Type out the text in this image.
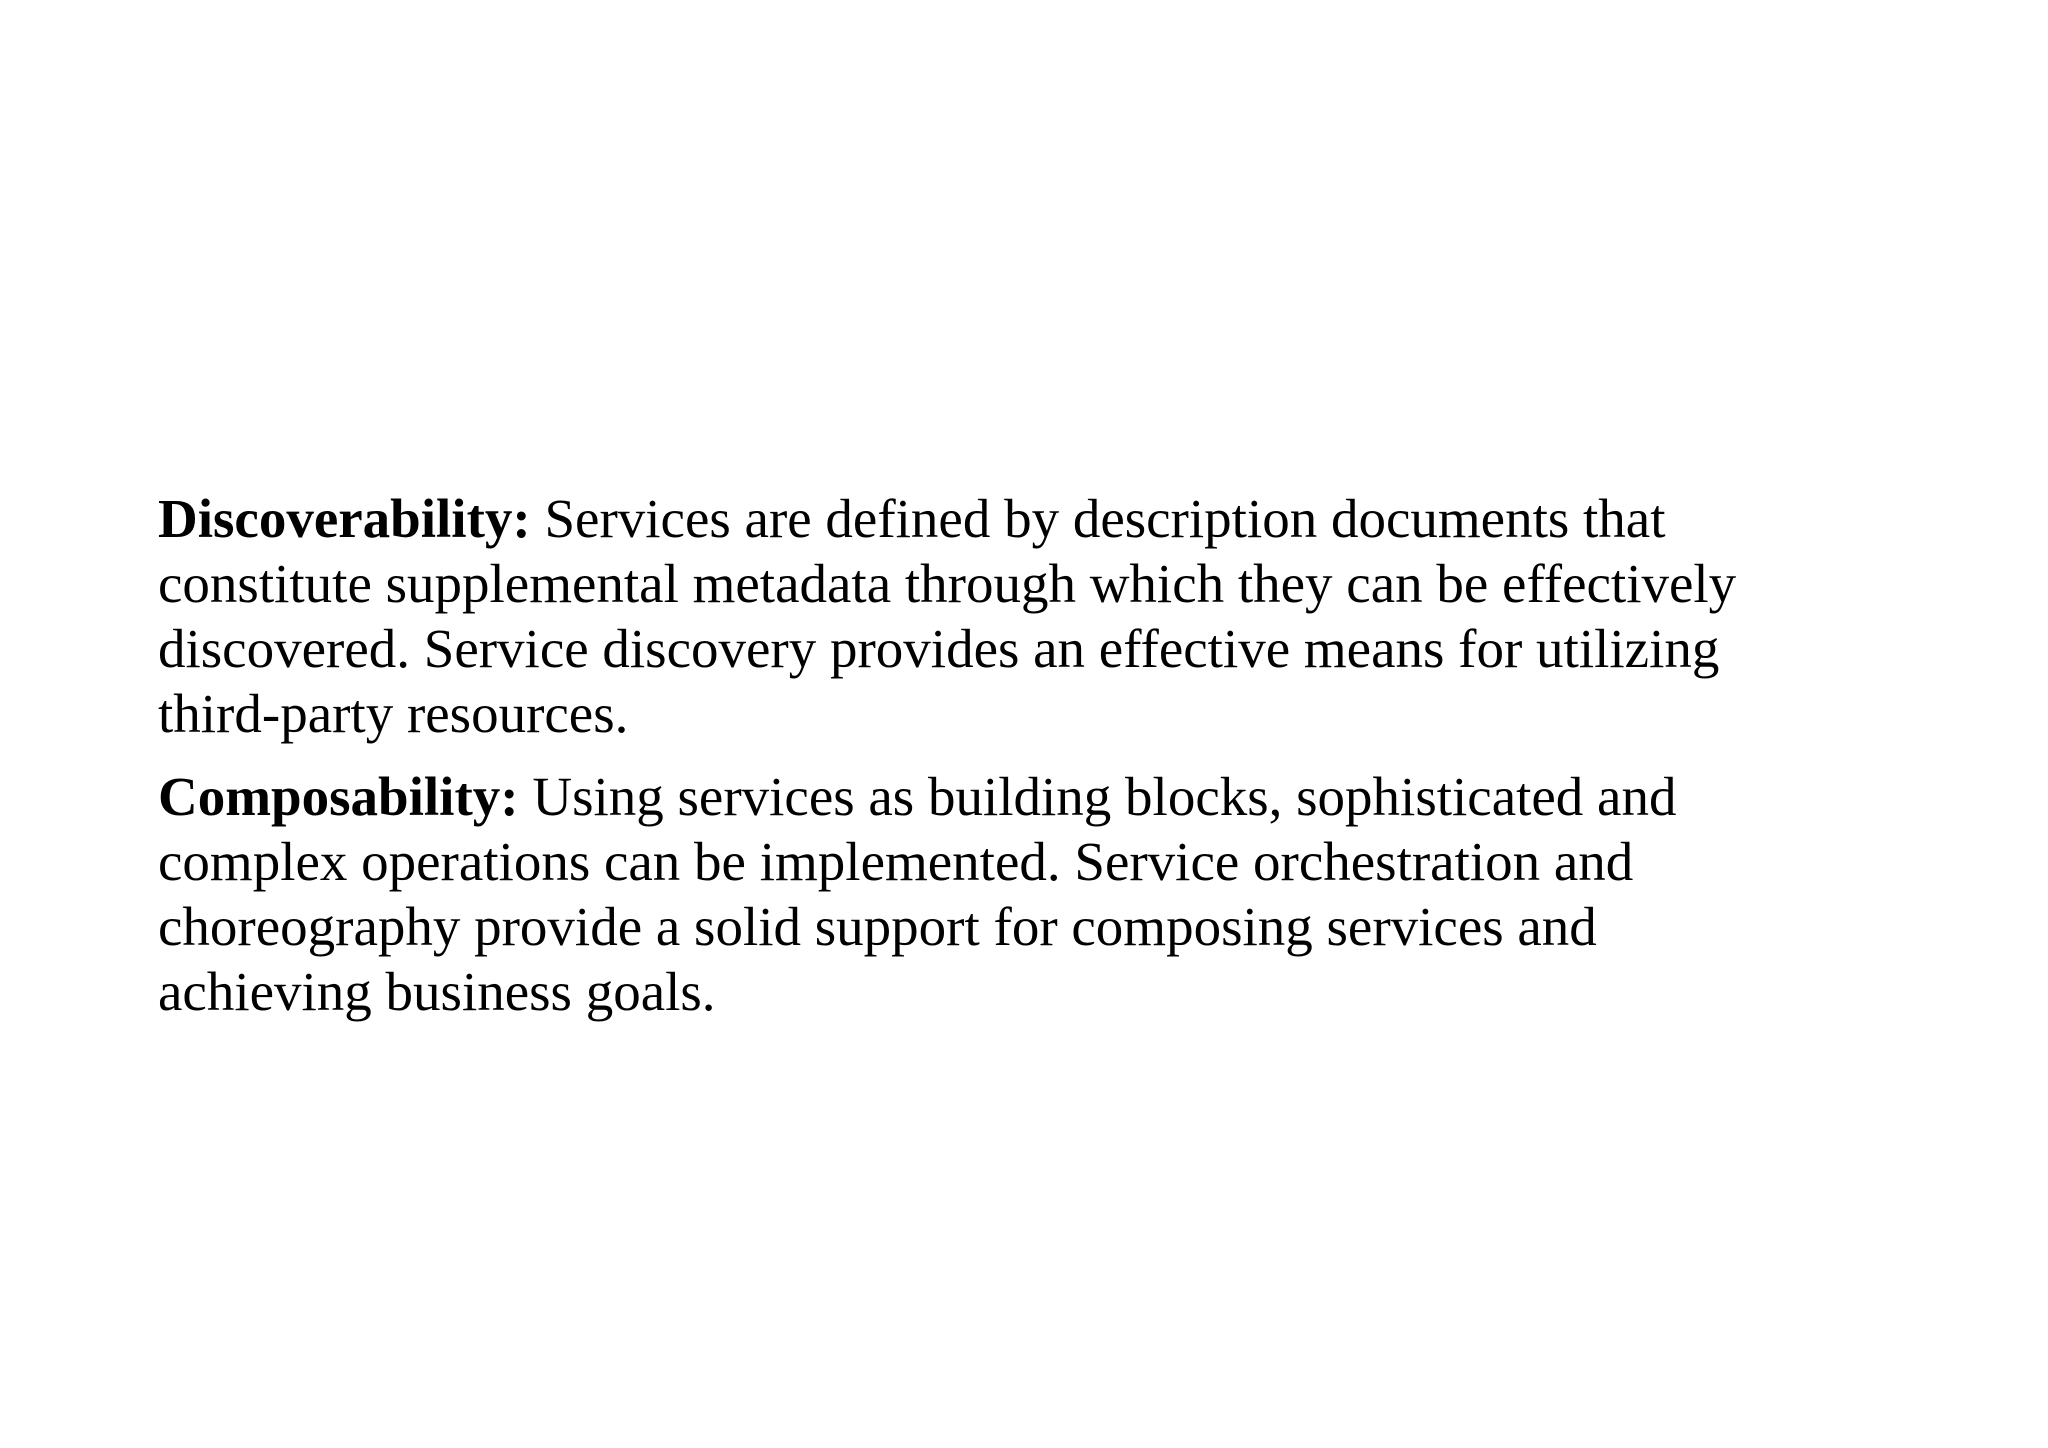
Discoverability: Services are defined by description documents that
constitute supplemental metadata through which they can be effectively
discovered. Service discovery provides an effective means for utilizing
third-party resources.

Composability: Using services as building blocks, sophisticated and
complex operations can be implemented. Service orchestration and
choreography provide a solid support for composing services and
achieving business goals.
